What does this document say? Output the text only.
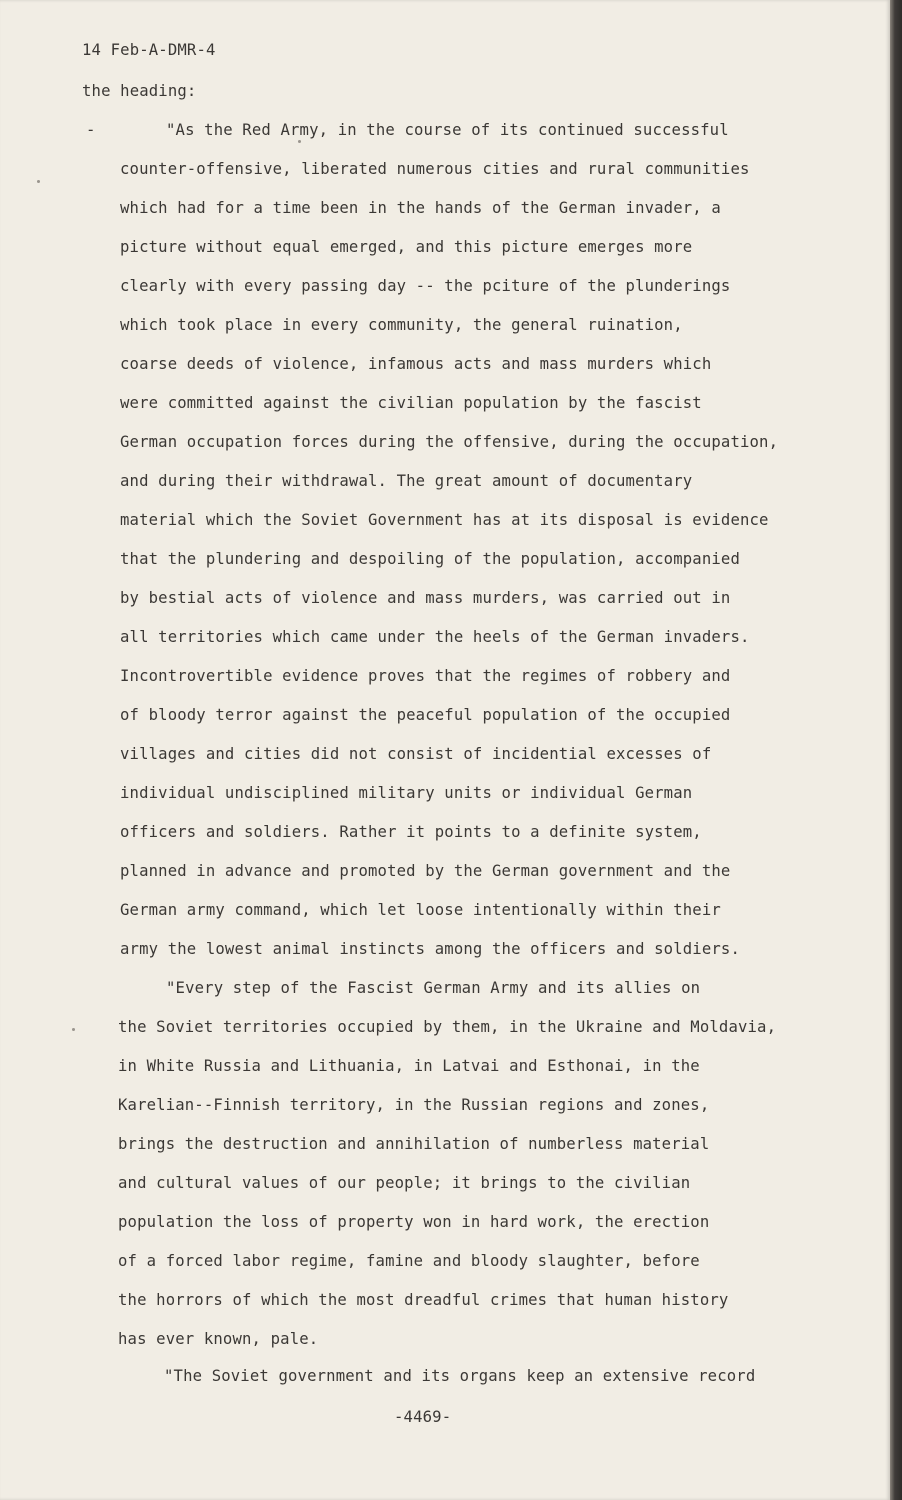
14 Feb-A-DMR-4
the heading:
-	"As the Red Army, in the course of its continued successful
counter-offensive, liberated numerous cities and rural communities
which had for a time been in the hands of the German invader, a
picture without equal emerged, and this picture emerges more
clearly with every passing day -- the pciture of the plunderings
which took place in every community, the general ruination,
coarse deeds of violence, infamous acts and mass murders which
were committed against the civilian population by the fascist
German occupation forces during the offensive, during the occupation,
and during their withdrawal. The great amount of documentary
material which the Soviet Government has at its disposal is evidence
that the plundering and despoiling of the population, accompanied
by bestial acts of violence and mass murders, was carried out in
all territories which came under the heels of the German invaders.
Incontrovertible evidence proves that the regimes of robbery and
of bloody terror against the peaceful population of the occupied
villages and cities did not consist of incidential excesses of
individual undisciplined military units or individual German
officers and soldiers. Rather it points to a definite system,
planned in advance and promoted by the German government and the
German army command, which let loose intentionally within their
army the lowest animal instincts among the officers and soldiers.
"Every step of the Fascist German Army and its allies on
the Soviet territories occupied by them, in the Ukraine and Moldavia,
in White Russia and Lithuania, in Latvai and Esthonai, in the
Karelian--Finnish territory, in the Russian regions and zones,
brings the destruction and annihilation of numberless material
and cultural values of our people; it brings to the civilian
population the loss of property won in hard work, the erection
of a forced labor regime, famine and bloody slaughter, before
the horrors of which the most dreadful crimes that human history
has ever known, pale.
"The Soviet government and its organs keep an extensive record
-4469-
